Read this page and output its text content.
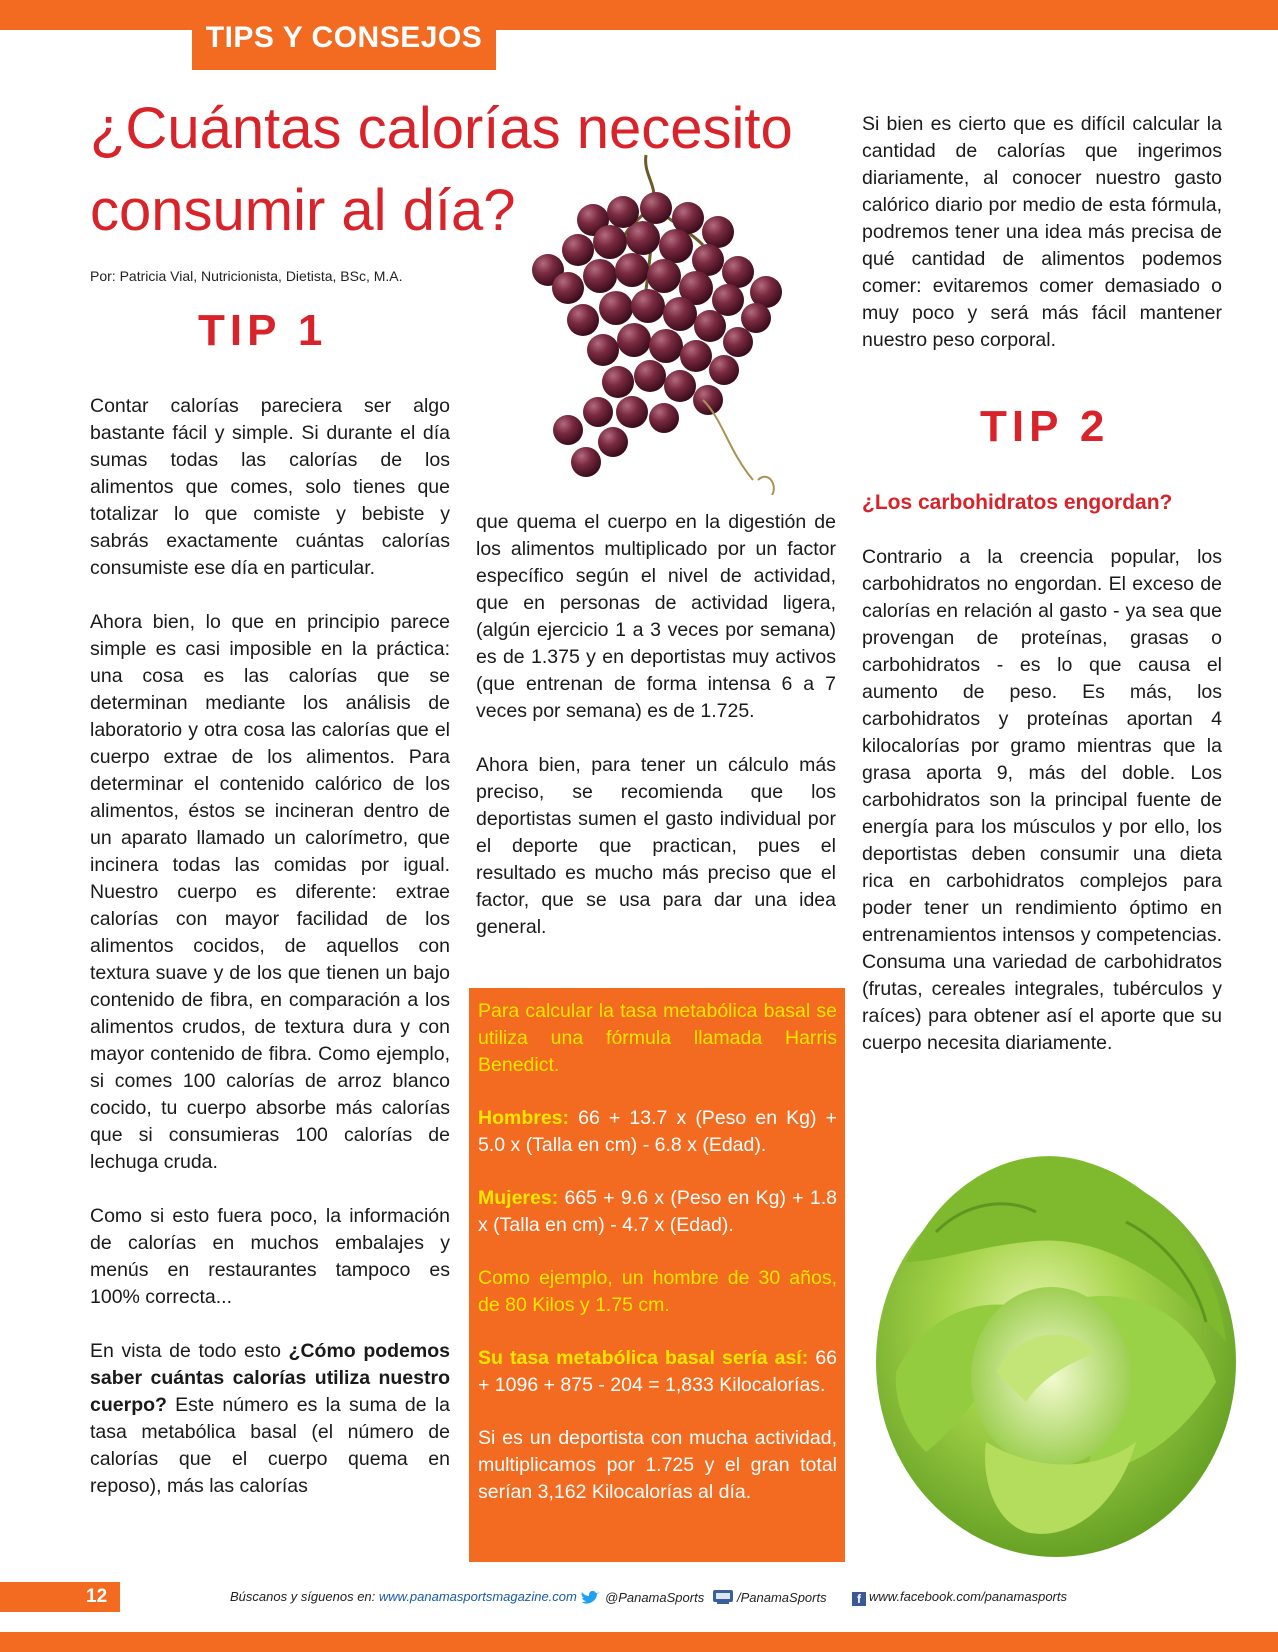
TIPS Y CONSEJOS
¿Cuántas calorías necesito consumir al día?
Por: Patricia Vial, Nutricionista, Dietista, BSc, M.A.
TIP 1

Contar calorías pareciera ser algo bastante fácil y simple. Si durante el día sumas todas las calorías de los alimentos que comes, solo tienes que totalizar lo que comiste y bebiste y sabrás exactamente cuántas calorías consumiste ese día en particular.

Ahora bien, lo que en principio parece simple es casi imposible en la práctica: una cosa es las calorías que se determinan mediante los análisis de laboratorio y otra cosa las calorías que el cuerpo extrae de los alimentos. Para determinar el contenido calórico de los alimentos, éstos se incineran dentro de un aparato llamado un calorímetro, que incinera todas las comidas por igual. Nuestro cuerpo es diferente: extrae calorías con mayor facilidad de los alimentos cocidos, de aquellos con textura suave y de los que tienen un bajo contenido de fibra, en comparación a los alimentos crudos, de textura dura y con mayor contenido de fibra. Como ejemplo, si comes 100 calorías de arroz blanco cocido, tu cuerpo absorbe más calorías que si consumieras 100 calorías de lechuga cruda.

Como si esto fuera poco, la información de calorías en muchos embalajes y menús en restaurantes tampoco es 100% correcta...

En vista de todo esto ¿Cómo podemos saber cuántas calorías utiliza nuestro cuerpo? Este número es la suma de la tasa metabólica basal (el número de calorías que el cuerpo quema en reposo), más las calorías

que quema el cuerpo en la digestión de los alimentos multiplicado por un factor específico según el nivel de actividad, que en personas de actividad ligera, (algún ejercicio 1 a 3 veces por semana) es de 1.375 y en deportistas muy activos (que entrenan de forma intensa 6 a 7 veces por semana) es de 1.725.

Ahora bien, para tener un cálculo más preciso, se recomienda que los deportistas sumen el gasto individual por el deporte que practican, pues el resultado es mucho más preciso que el factor, que se usa para dar una idea general.

Para calcular la tasa metabólica basal se utiliza una fórmula llamada Harris Benedict.

Hombres: 66 + 13.7 x (Peso en Kg) + 5.0 x (Talla en cm) - 6.8 x (Edad).

Mujeres: 665 + 9.6 x (Peso en Kg) + 1.8 x (Talla en cm) - 4.7 x (Edad).

Como ejemplo, un hombre de 30 años, de 80 Kilos y 1.75 cm.

Su tasa metabólica basal sería así: 66 + 1096 + 875 - 204 = 1,833 Kilocalorías.

Si es un deportista con mucha actividad, multiplicamos por 1.725 y el gran total serían 3,162 Kilocalorías al día.

Si bien es cierto que es difícil calcular la cantidad de calorías que ingerimos diariamente, al conocer nuestro gasto calórico diario por medio de esta fórmula, podremos tener una idea más precisa de qué cantidad de alimentos podemos comer: evitaremos comer demasiado o muy poco y será más fácil mantener nuestro peso corporal.

TIP 2
¿Los carbohidratos engordan?

Contrario a la creencia popular, los carbohidratos no engordan. El exceso de calorías en relación al gasto - ya sea que provengan de proteínas, grasas o carbohidratos - es lo que causa el aumento de peso. Es más, los carbohidratos y proteínas aportan 4 kilocalorías por gramo mientras que la grasa aporta 9, más del doble. Los carbohidratos son la principal fuente de energía para los músculos y por ello, los deportistas deben consumir una dieta rica en carbohidratos complejos para poder tener un rendimiento óptimo en entrenamientos intensos y competencias. Consuma una variedad de carbohidratos (frutas, cereales integrales, tubérculos y raíces) para obtener así el aporte que su cuerpo necesita diariamente.

12	Búscanos y síguenos en: www.panamasportsmagazine.com	@PanamaSports	/PanamaSports	f www.facebook.com/panamasports
